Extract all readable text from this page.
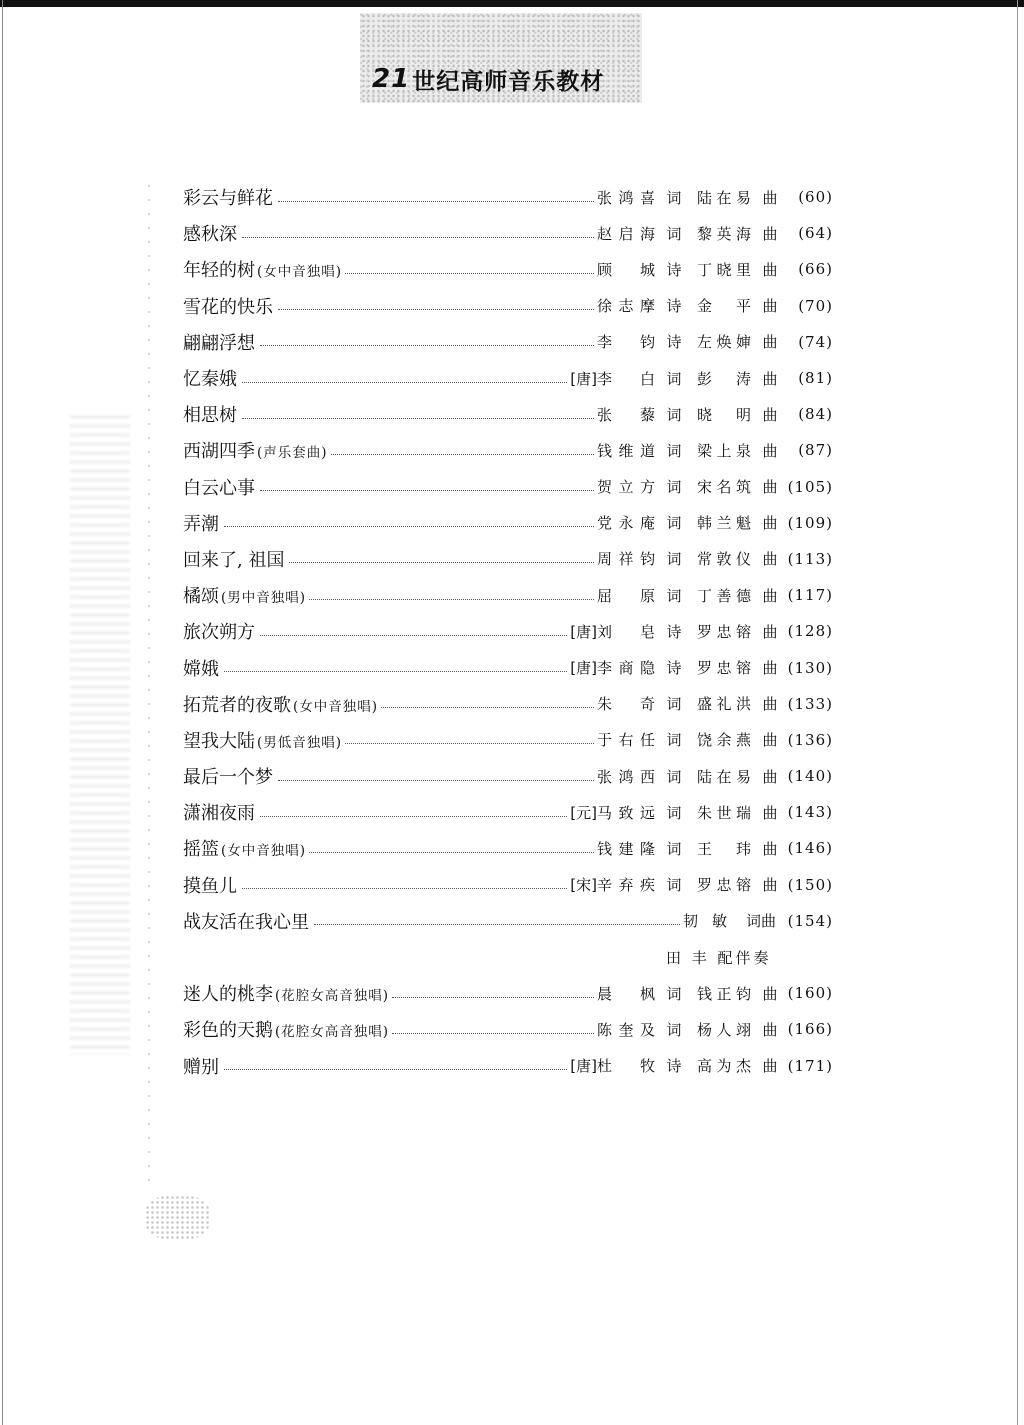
21 世纪高师音乐教材
彩云与鲜花	张鸿喜 词 陆在易 曲	(60)
感秋深	赵启海 词 黎英海 曲	(64)
年轻的树 (女中音独唱)	顾 城 诗 丁晓里 曲	(66)
雪花的快乐	徐志摩 诗 金 平 曲	(70)
翩翩浮想	李 钧 诗 左焕婶 曲	(74)
忆秦娥	[唐] 李 白 词 彭 涛 曲	(81)
相思树	张 藜 词 晓 明 曲	(84)
西湖四季 (声乐套曲)	钱维道 词 梁上泉 曲	(87)
白云心事	贺立方 词 宋名筑 曲 (105)
弄潮	党永庵 词 韩兰魁 曲 (109)
回来了, 祖国	周祥钧 词 常敦仪 曲 (113)
橘颂 (男中音独唱)	屈 原 词 丁善德 曲 (117)
旅次朔方	[唐] 刘 皂 诗 罗忠镕 曲 (128)
嫦娥	[唐] 李商隐 诗 罗忠镕 曲 (130)
拓荒者的夜歌 (女中音独唱)	朱 奇 词 盛礼洪 曲 (133)
望我大陆 (男低音独唱)	于右任 词 饶余燕 曲 (136)
最后一个梦	张鸿西 词 陆在易 曲 (140)
潇湘夜雨	[元] 马致远 词 朱世瑞 曲 (143)
摇篮 (女中音独唱)	钱建隆 词 王 玮 曲 (146)
摸鱼儿	[宋] 辛弃疾 词 罗忠镕 曲 (150)
战友活在我心里	韧 敏	词曲 (154)
田 丰 配伴奏
迷人的桃李 (花腔女高音独唱)	晨 枫 词 钱正钧 曲 (160)
彩色的天鹅 (花腔女高音独唱)	陈奎及 词 杨人翊 曲 (166)
赠别	[唐] 杜 牧 诗 高为杰 曲 (171)
